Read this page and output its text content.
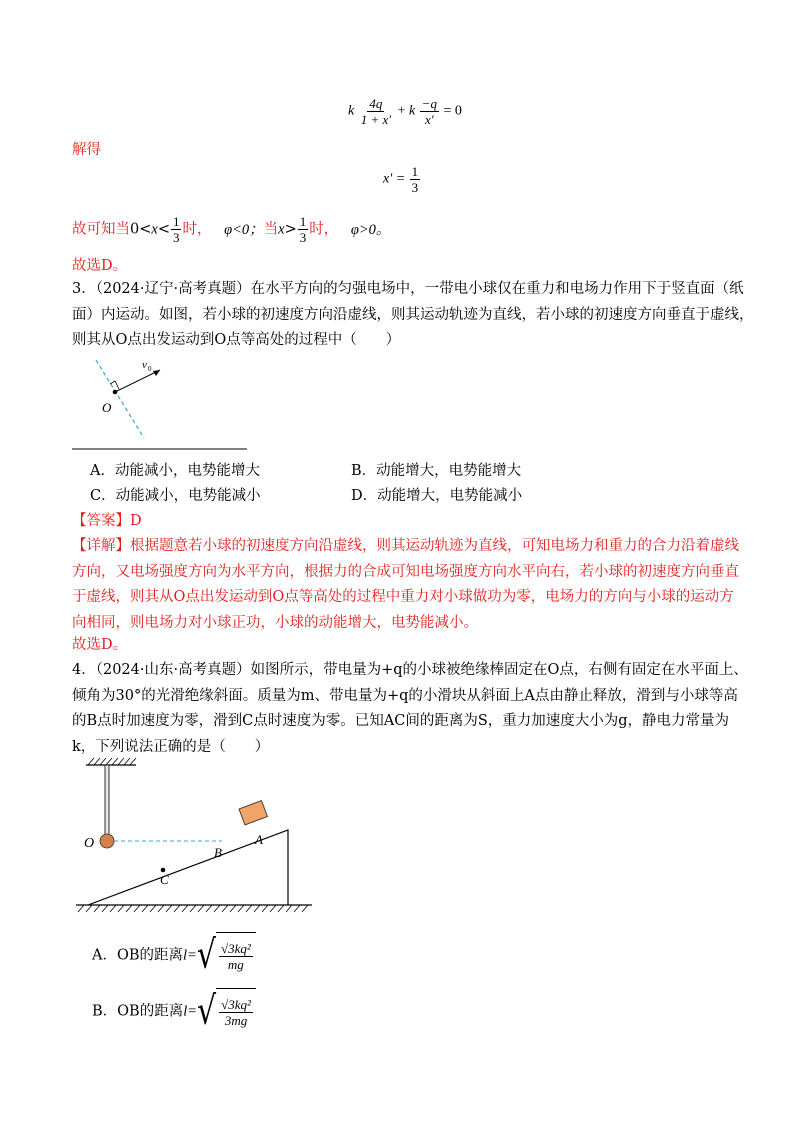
k $\frac{4q}{1 + x'} + k \frac{-q}{x'} = 0$
解得
$x' = \frac{1}{3}$
故可知当$0<x< \frac{1}{3}$ 时， φ<0；当$x> \frac{1}{3}$ 时， φ>0。
故选D。
3．（2024·辽宁·高考真题）在水平方向的匀强电场中，一带电小球仅在重力和电场力作用下于竖直面（纸
面）内运动。如图，若小球的初速度方向沿虚线，则其运动轨迹为直线，若小球的初速度方向垂直于虚线，
则其从O点出发运动到O点等高处的过程中（　　）
O
v 0
A．动能减小，电势能增大	B．动能增大，电势能增大
C．动能减小，电势能减小	D．动能增大，电势能减小
【答案】D
【详解】根据题意若小球的初速度方向沿虚线，则其运动轨迹为直线，可知电场力和重力的合力沿着虚线
方向，又电场强度方向为水平方向，根据力的合成可知电场强度方向水平向右，若小球的初速度方向垂直
于虚线，则其从O点出发运动到O点等高处的过程中重力对小球做功为零，电场力的方向与小球的运动方
向相同，则电场力对小球正功，小球的动能增大，电势能减小。
故选D。
4．（2024·山东·高考真题）如图所示，带电量为+q的小球被绝缘棒固定在O点，右侧有固定在水平面上、
倾角为30°的光滑绝缘斜面。质量为m、带电量为+q的小滑块从斜面上A点由静止释放，滑到与小球等高
的B点时加速度为零，滑到C点时速度为零。已知AC间的距离为S，重力加速度大小为g，静电力常量为
k，下列说法正确的是（　　）
O	A
B
C
A．OB的距离l= √ $\frac{\text{√3kq²}}{mg}$
B．OB的距离l= √ $\frac{\text{√3kq²}}{3mg}$
